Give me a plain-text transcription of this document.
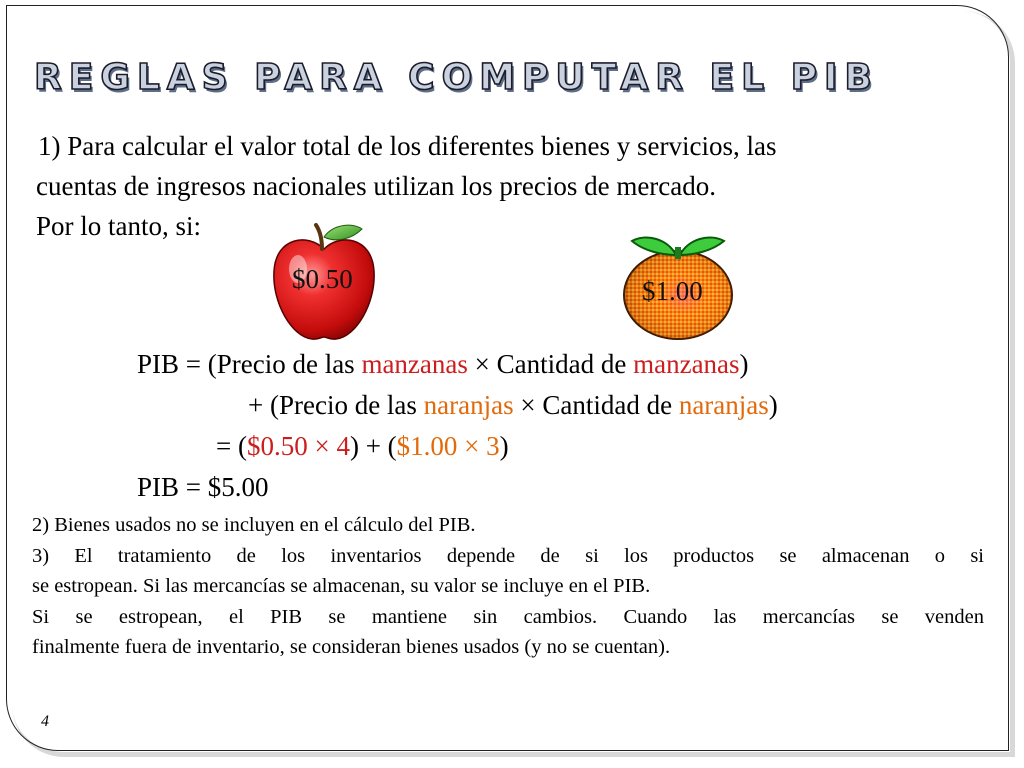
REGLAS PARA COMPUTAR EL PIB

1) Para calcular el valor total de los diferentes bienes y servicios, las
cuentas de ingresos nacionales utilizan los precios de mercado.
Por lo tanto, si:

$0.50	$1.00

PIB = (Precio de las manzanas × Cantidad de manzanas)

+ (Precio de las naranjas × Cantidad de naranjas)

= ($0.50 × 4) + ($1.00 × 3)

PIB = $5.00

2) Bienes usados no se incluyen en el cálculo del PIB.
3) El tratamiento de los inventarios depende de si los productos se almacenan o si
se estropean. Si las mercancías se almacenan, su valor se incluye en el PIB.
Si se estropean, el PIB se mantiene sin cambios. Cuando las mercancías se venden
finalmente fuera de inventario, se consideran bienes usados (y no se cuentan).

4
